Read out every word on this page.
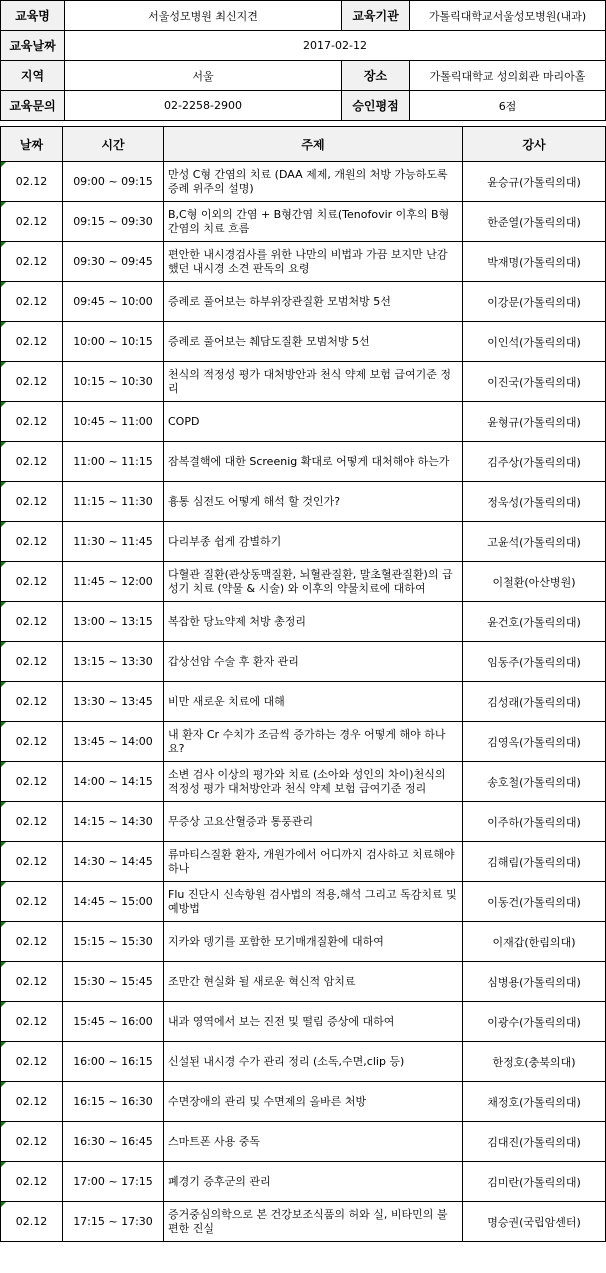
교육명	서울성모병원 최신지견	교육기관	가톨릭대학교서울성모병원(내과)
교육날짜	2017-02-12		
지역	서울	장소	가톨릭대학교 성의회관 마리아홀
교육문의	02-2258-2900	승인평점	6점
날짜	시간	주제	강사

02.12	09:00 ~ 09:15	만성 C형 간염의 치료 (DAA 제제, 개원의 처방 가능하도록 증례 위주의 설명)	윤승규(가톨릭의대)

02.12	09:15 ~ 09:30	B,C형 이외의 간염 + B형간염 치료(Tenofovir 이후의 B형 간염의 치료 흐름	한준열(가톨릭의대)

02.12	09:30 ~ 09:45	편안한 내시경검사를 위한 나만의 비법과 가끔 보지만 난감했던 내시경 소견 판독의 요령	박재명(가톨릭의대)

02.12	09:45 ~ 10:00	증례로 풀어보는 하부위장관질환 모범처방 5선	이강문(가톨릭의대)

02.12	10:00 ~ 10:15	증례로 풀어보는 췌담도질환 모범처방 5선	이인석(가톨릭의대)

02.12	10:15 ~ 10:30	천식의 적정성 평가 대처방안과 천식 약제 보험 급여기준 정리	이진국(가톨릭의대)

02.12	10:45 ~ 11:00	COPD	윤형규(가톨릭의대)

02.12	11:00 ~ 11:15	잠복결핵에 대한 Screenig 확대로 어떻게 대처해야 하는가	김주상(가톨릭의대)

02.12	11:15 ~ 11:30	흉통 심전도 어떻게 해석 할 것인가?	정욱성(가톨릭의대)

02.12	11:30 ~ 11:45	다리부종 쉽게 감별하기	고윤석(가톨릭의대)

02.12	11:45 ~ 12:00	다혈관 질환(관상동맥질환, 뇌혈관질환, 말초혈관질환)의 급성기 치료 (약물 & 시술) 와 이후의 약물치료에 대하여	이철환(아산병원)

02.12	13:00 ~ 13:15	복잡한 당뇨약제 처방 총정리	윤건호(가톨릭의대)

02.12	13:15 ~ 13:30	갑상선암 수술 후 환자 관리	임동주(가톨릭의대)

02.12	13:30 ~ 13:45	비만 새로운 치료에 대해	김성래(가톨릭의대)

02.12	13:45 ~ 14:00	내 환자 Cr 수치가 조금씩 증가하는 경우 어떻게 해야 하나요?	김영옥(가톨릭의대)

02.12	14:00 ~ 14:15	소변 검사 이상의 평가와 치료 (소아와 성인의 차이)천식의 적정성 평가 대처방안과 천식 약제 보험 급여기준 정리	송호철(가톨릭의대)

02.12	14:15 ~ 14:30	무증상 고요산혈증과 통풍관리	이주하(가톨릭의대)

02.12	14:30 ~ 14:45	류마티스질환 환자, 개원가에서 어디까지 검사하고 치료해야 하나	김해림(가톨릭의대)

02.12	14:45 ~ 15:00	Flu 진단시 신속항원 검사법의 적용,해석 그리고 독감치료 및 예방법	이동건(가톨릭의대)

02.12	15:15 ~ 15:30	지카와 뎅기를 포함한 모기매개질환에 대하여	이재갑(한림의대)

02.12	15:30 ~ 15:45	조만간 현실화 될 새로운 혁신적 암치료	심병용(가톨릭의대)

02.12	15:45 ~ 16:00	내과 영역에서 보는 진전 및 떨림 증상에 대하여	이광수(가톨릭의대)

02.12	16:00 ~ 16:15	신설된 내시경 수가 관리 정리 (소독,수면,clip 등)	한정호(충북의대)

02.12	16:15 ~ 16:30	수면장애의 관리 및 수면제의 올바른 처방	채정호(가톨릭의대)

02.12	16:30 ~ 16:45	스마트폰 사용 중독	김대진(가톨릭의대)

02.12	17:00 ~ 17:15	폐경기 증후군의 관리	김미란(가톨릭의대)

02.12	17:15 ~ 17:30	증거중심의학으로 본 건강보조식품의 허와 실, 비타민의 불편한 진실	명승권(국립암센터)
